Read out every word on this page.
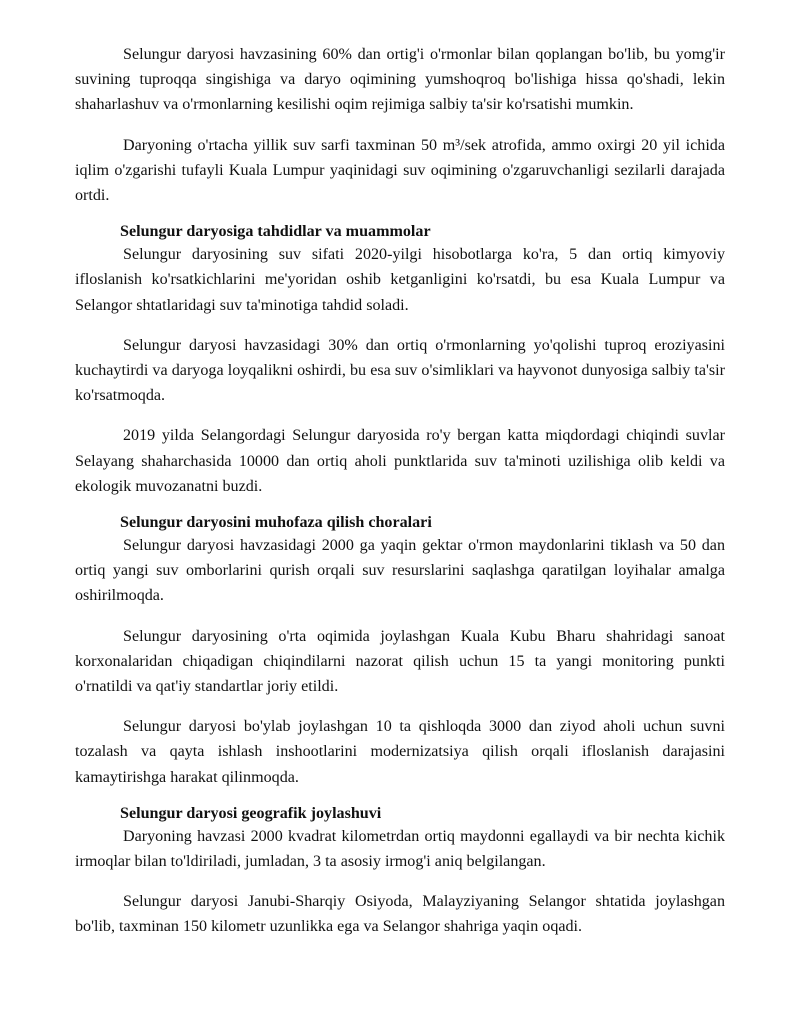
Selungur daryosi havzasining 60% dan ortig'i o'rmonlar bilan qoplangan bo'lib, bu yomg'ir suvining tuproqqa singishiga va daryo oqimining yumshoqroq bo'lishiga hissa qo'shadi, lekin shaharlashuv va o'rmonlarning kesilishi oqim rejimiga salbiy ta'sir ko'rsatishi mumkin.

Daryoning o'rtacha yillik suv sarfi taxminan 50 m³/sek atrofida, ammo oxirgi 20 yil ichida iqlim o'zgarishi tufayli Kuala Lumpur yaqinidagi suv oqimining o'zgaruvchanligi sezilarli darajada ortdi.

Selungur daryosiga tahdidlar va muammolar

Selungur daryosining suv sifati 2020-yilgi hisobotlarga ko'ra, 5 dan ortiq kimyoviy ifloslanish ko'rsatkichlarini me'yoridan oshib ketganligini ko'rsatdi, bu esa Kuala Lumpur va Selangor shtatlaridagi suv ta'minotiga tahdid soladi.

Selungur daryosi havzasidagi 30% dan ortiq o'rmonlarning yo'qolishi tuproq eroziyasini kuchaytirdi va daryoga loyqalikni oshirdi, bu esa suv o'simliklari va hayvonot dunyosiga salbiy ta'sir ko'rsatmoqda.

2019 yilda Selangordagi Selungur daryosida ro'y bergan katta miqdordagi chiqindi suvlar Selayang shaharchasida 10000 dan ortiq aholi punktlarida suv ta'minoti uzilishiga olib keldi va ekologik muvozanatni buzdi.

Selungur daryosini muhofaza qilish choralari

Selungur daryosi havzasidagi 2000 ga yaqin gektar o'rmon maydonlarini tiklash va 50 dan ortiq yangi suv omborlarini qurish orqali suv resurslarini saqlashga qaratilgan loyihalar amalga oshirilmoqda.

Selungur daryosining o'rta oqimida joylashgan Kuala Kubu Bharu shahridagi sanoat korxonalaridan chiqadigan chiqindilarni nazorat qilish uchun 15 ta yangi monitoring punkti o'rnatildi va qat'iy standartlar joriy etildi.

Selungur daryosi bo'ylab joylashgan 10 ta qishloqda 3000 dan ziyod aholi uchun suvni tozalash va qayta ishlash inshootlarini modernizatsiya qilish orqali ifloslanish darajasini kamaytirishga harakat qilinmoqda.

Selungur daryosi geografik joylashuvi

Daryoning havzasi 2000 kvadrat kilometrdan ortiq maydonni egallaydi va bir nechta kichik irmoqlar bilan to'ldiriladi, jumladan, 3 ta asosiy irmog'i aniq belgilangan.

Selungur daryosi Janubi-Sharqiy Osiyoda, Malayziyaning Selangor shtatida joylashgan bo'lib, taxminan 150 kilometr uzunlikka ega va Selangor shahriga yaqin oqadi.
